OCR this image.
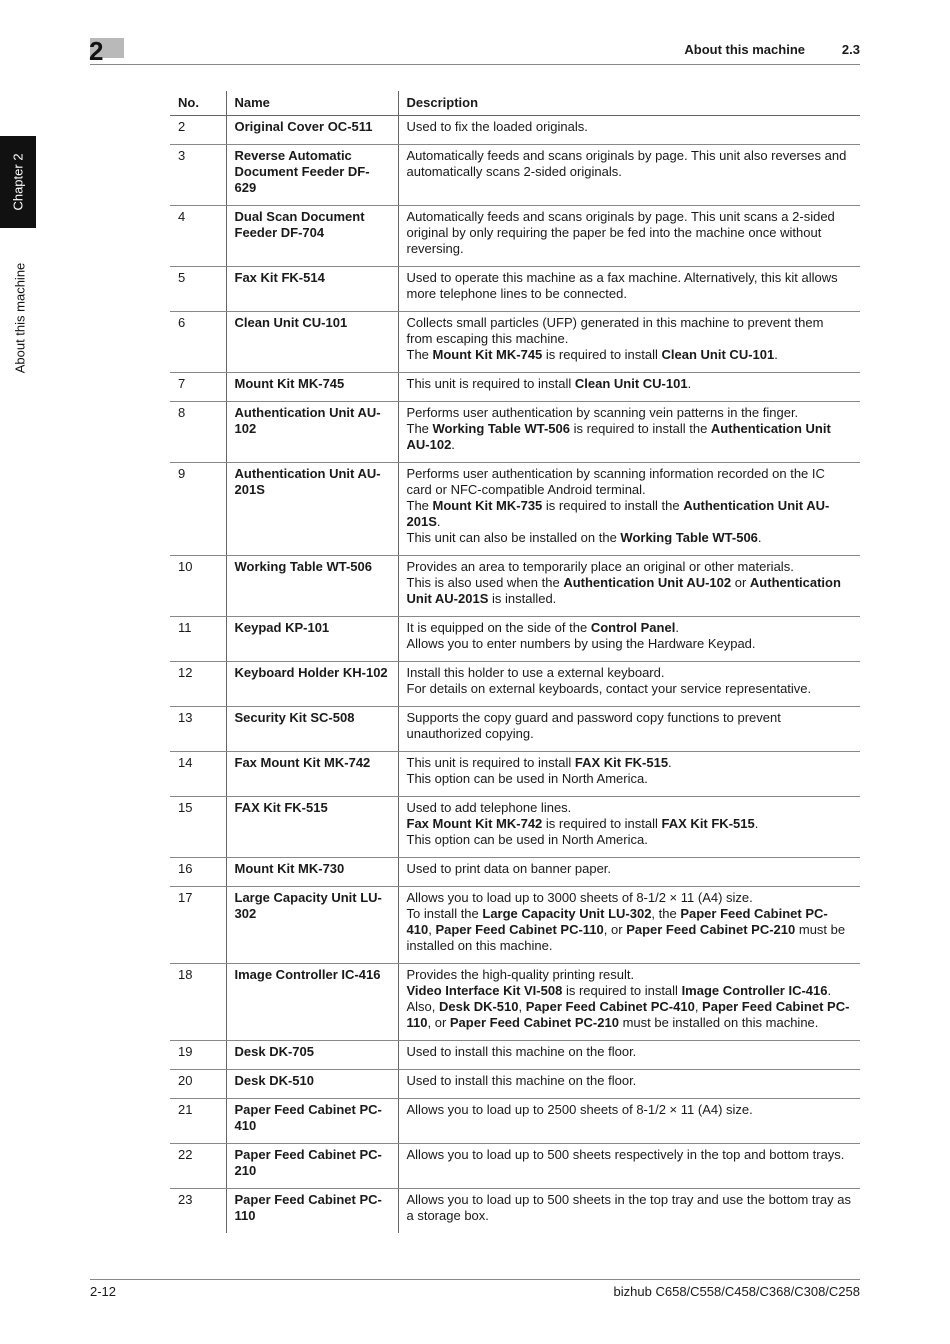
2	About this machine	2.3
Chapter 2
About this machine
No.	Name	Description
2	Original Cover OC-511	Used to fix the loaded originals.

3	Reverse Automatic Document Feeder DF-629	Automatically feeds and scans originals by page. This unit also reverses and automatically scans 2-sided originals.

4	Dual Scan Document Feeder DF-704	Automatically feeds and scans originals by page. This unit scans a 2-sided original by only requiring the paper be fed into the machine once without reversing.

5	Fax Kit FK-514	Used to operate this machine as a fax machine. Alternatively, this kit allows more telephone lines to be connected.

6	Clean Unit CU-101	Collects small particles (UFP) generated in this machine to prevent them from escaping this machine.
The Mount Kit MK-745 is required to install Clean Unit CU-101.

7	Mount Kit MK-745	This unit is required to install Clean Unit CU-101.

8	Authentication Unit AU-102	Performs user authentication by scanning vein patterns in the finger.
The Working Table WT-506 is required to install the Authentication Unit AU-102.

9	Authentication Unit AU-201S	Performs user authentication by scanning information recorded on the IC card or NFC-compatible Android terminal.
The Mount Kit MK-735 is required to install the Authentication Unit AU-201S.
This unit can also be installed on the Working Table WT-506.

10	Working Table WT-506	Provides an area to temporarily place an original or other materials.
This is also used when the Authentication Unit AU-102 or Authentication Unit AU-201S is installed.

11	Keypad KP-101	It is equipped on the side of the Control Panel.
Allows you to enter numbers by using the Hardware Keypad.

12	Keyboard Holder KH-102	Install this holder to use a external keyboard.
For details on external keyboards, contact your service representative.

13	Security Kit SC-508	Supports the copy guard and password copy functions to prevent unauthorized copying.

14	Fax Mount Kit MK-742	This unit is required to install FAX Kit FK-515.
This option can be used in North America.

15	FAX Kit FK-515	Used to add telephone lines.
Fax Mount Kit MK-742 is required to install FAX Kit FK-515.
This option can be used in North America.

16	Mount Kit MK-730	Used to print data on banner paper.

17	Large Capacity Unit LU-302	Allows you to load up to 3000 sheets of 8-1/2 × 11 (A4) size.
To install the Large Capacity Unit LU-302, the Paper Feed Cabinet PC-410, Paper Feed Cabinet PC-110, or Paper Feed Cabinet PC-210 must be installed on this machine.

18	Image Controller IC-416	Provides the high-quality printing result.
Video Interface Kit VI-508 is required to install Image Controller IC-416. Also, Desk DK-510, Paper Feed Cabinet PC-410, Paper Feed Cabinet PC-110, or Paper Feed Cabinet PC-210 must be installed on this machine.

19	Desk DK-705	Used to install this machine on the floor.

20	Desk DK-510	Used to install this machine on the floor.

21	Paper Feed Cabinet PC-410	Allows you to load up to 2500 sheets of 8-1/2 × 11 (A4) size.

22	Paper Feed Cabinet PC-210	Allows you to load up to 500 sheets respectively in the top and bottom trays.

23	Paper Feed Cabinet PC-110	Allows you to load up to 500 sheets in the top tray and use the bottom tray as a storage box.
2-12	bizhub C658/C558/C458/C368/C308/C258
